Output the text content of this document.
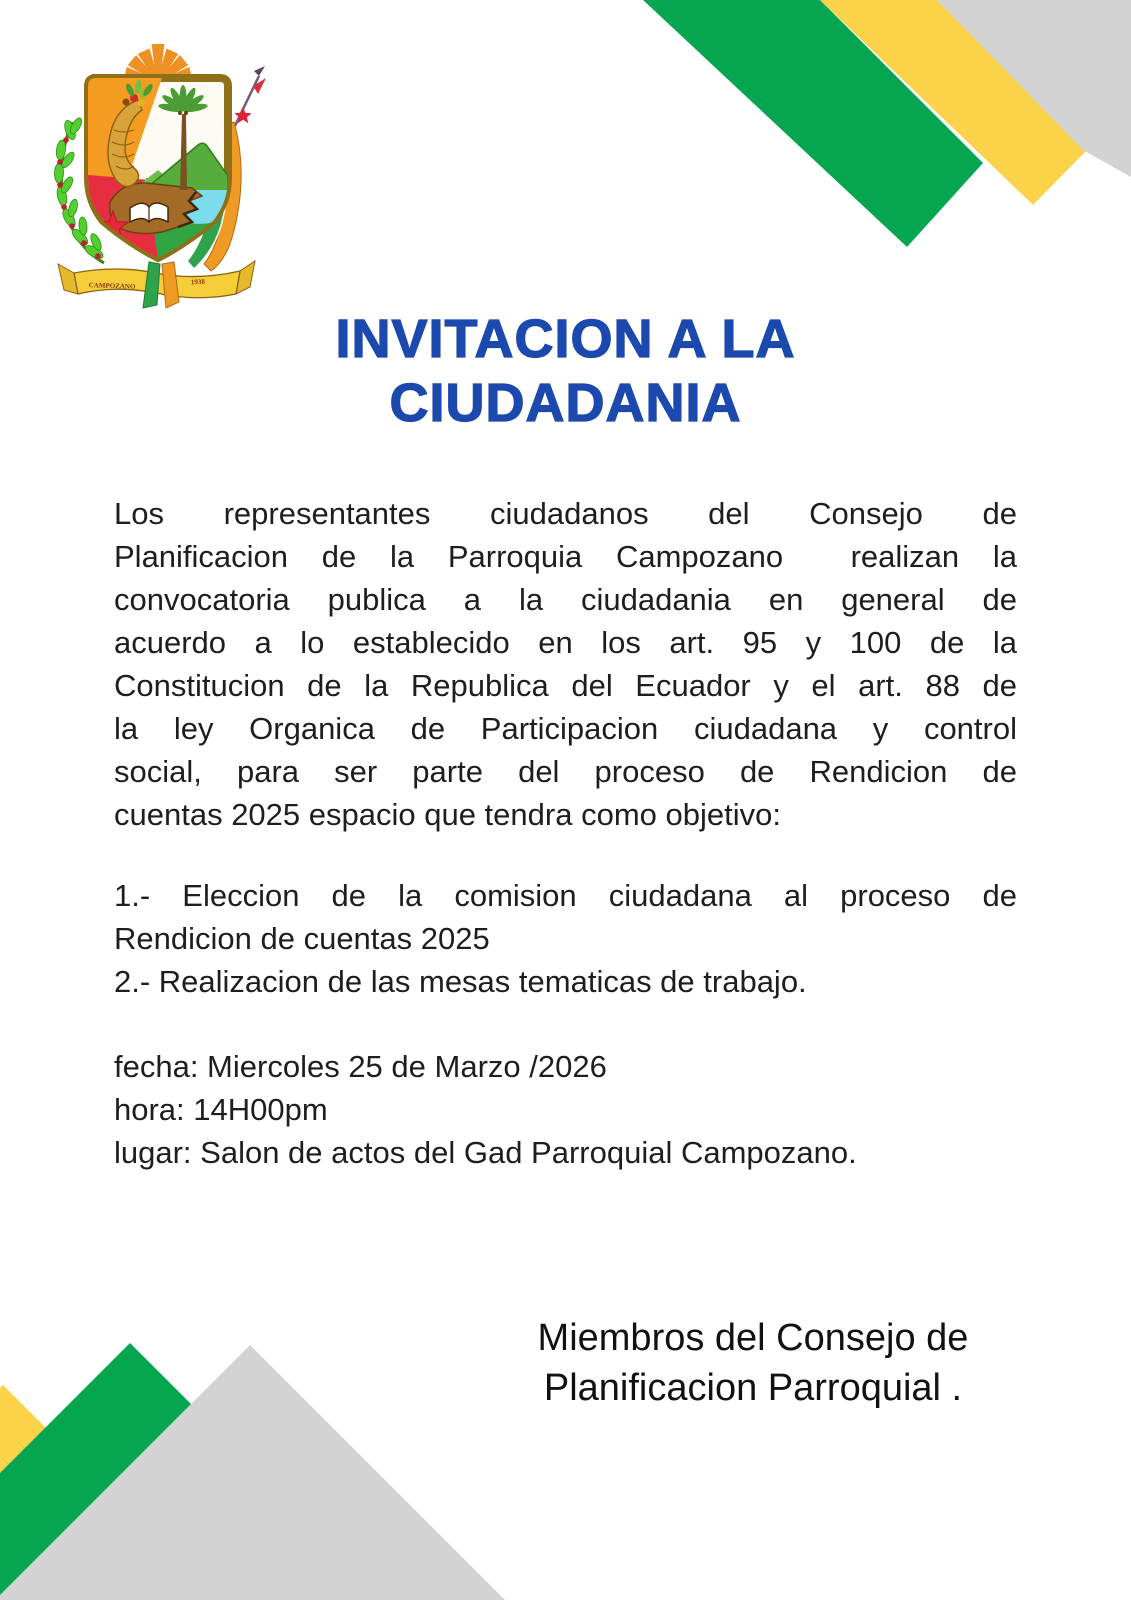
CAMPOZANO	1938
INVITACION A LA
CIUDADANIA
Los representantes ciudadanos del Consejo de
Planificacion de la Parroquia Campozano  realizan la
convocatoria publica a la ciudadania en general de
acuerdo a lo establecido en los art. 95 y 100 de la
Constitucion de la Republica del Ecuador y el art. 88 de
la ley Organica de Participacion ciudadana y control
social, para ser parte del proceso de Rendicion de
cuentas 2025 espacio que tendra como objetivo:
1.- Eleccion de la comision ciudadana al proceso de
Rendicion de cuentas 2025
2.- Realizacion de las mesas tematicas de trabajo.
fecha: Miercoles 25 de Marzo /2026
hora: 14H00pm
lugar: Salon de actos del Gad Parroquial Campozano.
Miembros del Consejo de
Planificacion Parroquial .
